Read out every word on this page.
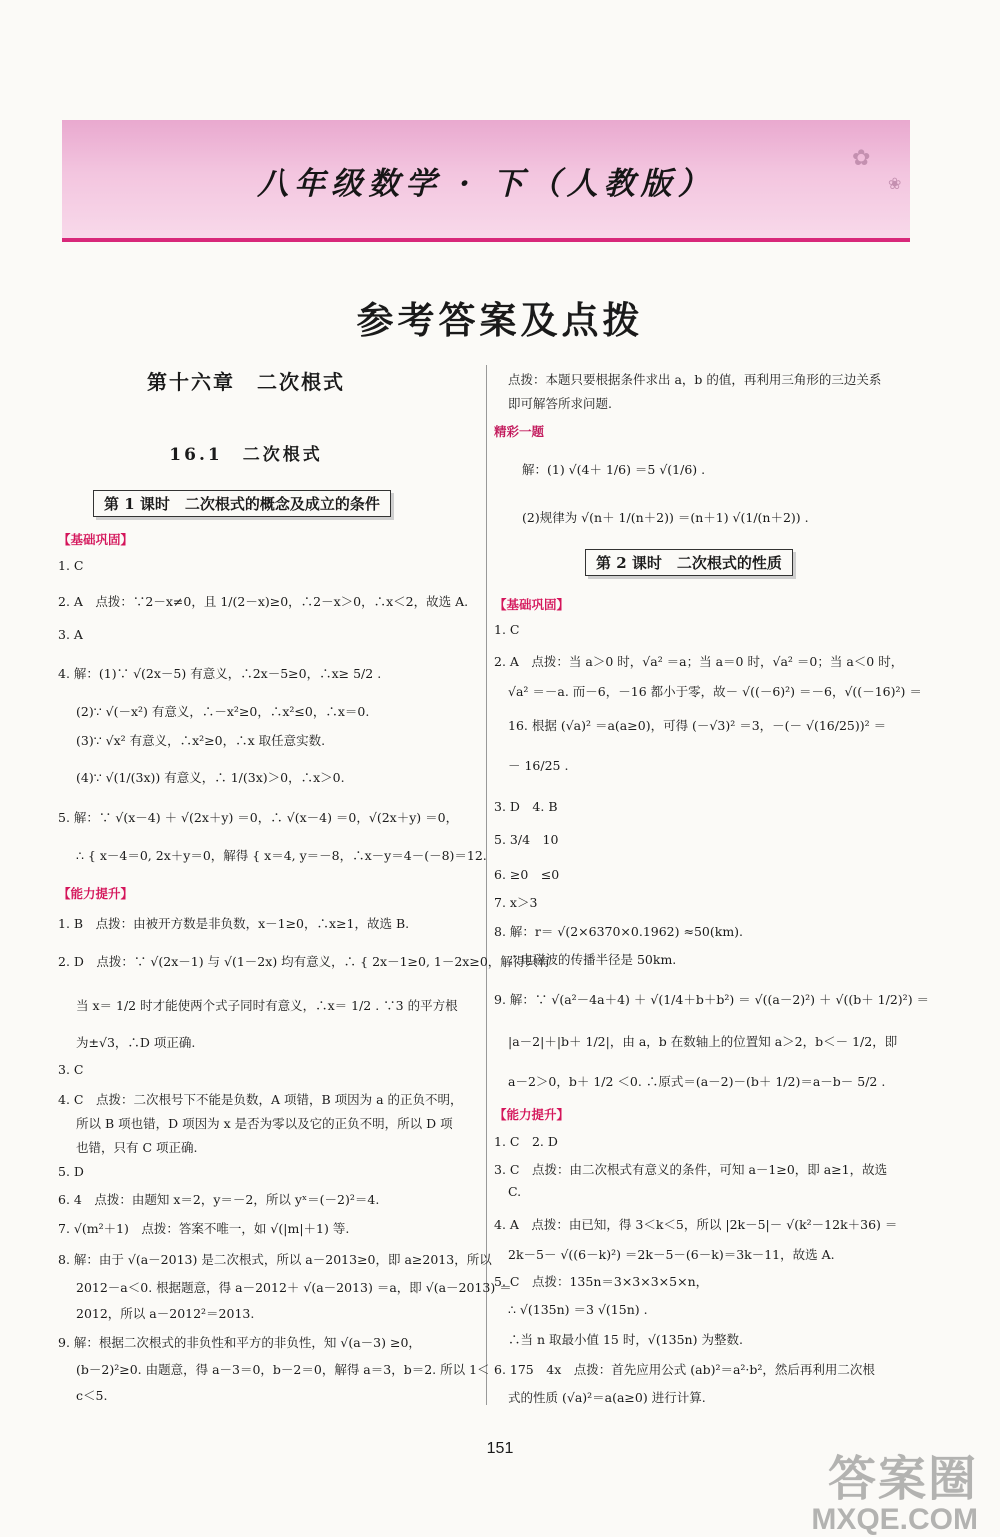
✿
❀
八年级数学 · 下（人教版）
参考答案及点拨
第十六章　二次根式
16.1　二次根式
第 1 课时　二次根式的概念及成立的条件
第 2 课时　二次根式的性质
【基础巩固】
1. C
2. A　点拨：∵2－x≠0，且 1/(2－x)≥0，∴2－x＞0，∴x＜2，故选 A.
3. A
4. 解：(1)∵ √(2x－5) 有意义，∴2x－5≥0，∴x≥ 5/2 .
(2)∵ √(－x²) 有意义，∴－x²≥0，∴x²≤0，∴x＝0.
(3)∵ √x² 有意义，∴x²≥0，∴x 取任意实数.
(4)∵ √(1/(3x)) 有意义，∴ 1/(3x)＞0，∴x＞0.
5. 解：∵ √(x－4) ＋ √(2x＋y) ＝0，∴ √(x－4) ＝0，√(2x＋y) ＝0，
∴ { x－4＝0, 2x＋y＝0，解得 { x＝4, y＝－8，∴x－y＝4－(－8)＝12.
【能力提升】
1. B　点拨：由被开方数是非负数，x－1≥0，∴x≥1，故选 B.
2. D　点拨：∵ √(2x－1) 与 √(1－2x) 均有意义，∴ { 2x－1≥0, 1－2x≥0，解得只有
当 x＝ 1/2 时才能使两个式子同时有意义，∴x＝ 1/2 . ∵3 的平方根
为±√3，∴D 项正确.
3. C
4. C　点拨：二次根号下不能是负数，A 项错，B 项因为 a 的正负不明，
所以 B 项也错，D 项因为 x 是否为零以及它的正负不明，所以 D 项
也错，只有 C 项正确.
5. D
6. 4　点拨：由题知 x＝2，y＝－2，所以 yˣ＝(－2)²＝4.
7. √(m²＋1)　点拨：答案不唯一，如 √(|m|＋1) 等.
8. 解：由于 √(a－2013) 是二次根式，所以 a－2013≥0，即 a≥2013，所以
2012－a＜0. 根据题意，得 a－2012＋ √(a－2013) ＝a，即 √(a－2013) ＝
2012，所以 a－2012²＝2013.
9. 解：根据二次根式的非负性和平方的非负性，知 √(a－3) ≥0，
(b－2)²≥0. 由题意，得 a－3＝0，b－2＝0，解得 a＝3，b＝2. 所以 1＜
c＜5.
点拨：本题只要根据条件求出 a，b 的值，再利用三角形的三边关系
即可解答所求问题.
精彩一题
解：(1) √(4＋ 1/6) ＝5 √(1/6) .
(2)规律为 √(n＋ 1/(n＋2)) ＝(n＋1) √(1/(n＋2)) .
【基础巩固】
1. C
2. A　点拨：当 a＞0 时，√a² ＝a；当 a＝0 时，√a² ＝0；当 a＜0 时，
√a² ＝－a. 而－6，－16 都小于零，故－ √((－6)²) ＝－6，√((－16)²) ＝
16. 根据 (√a)² ＝a(a≥0)，可得 (－√3)² ＝3，－(－ √(16/25))² ＝
－ 16/25 .
3. D　4. B
5. 3/4　10
6. ≥0　≤0
7. x＞3
8. 解：r＝ √(2×6370×0.1962) ≈50(km).
∴电磁波的传播半径是 50km.
9. 解：∵ √(a²－4a＋4) ＋ √(1/4＋b＋b²) ＝ √((a－2)²) ＋ √((b＋ 1/2)²) ＝
|a－2|＋|b＋ 1/2|，由 a，b 在数轴上的位置知 a＞2，b＜－ 1/2，即
a－2＞0，b＋ 1/2 ＜0. ∴原式＝(a－2)－(b＋ 1/2)＝a－b－ 5/2 .
【能力提升】
1. C　2. D
3. C　点拨：由二次根式有意义的条件，可知 a－1≥0，即 a≥1，故选
C.
4. A　点拨：由已知，得 3＜k＜5，所以 |2k－5|－ √(k²－12k＋36) ＝
2k－5－ √((6－k)²) ＝2k－5－(6－k)＝3k－11，故选 A.
5. C　点拨：135n＝3×3×3×5×n，
∴ √(135n) ＝3 √(15n) .
∴当 n 取最小值 15 时，√(135n) 为整数.
6. 175　4x　点拨：首先应用公式 (ab)²＝a²·b²，然后再利用二次根
式的性质 (√a)²＝a(a≥0) 进行计算.
151
答案圈
MXQE.COM
